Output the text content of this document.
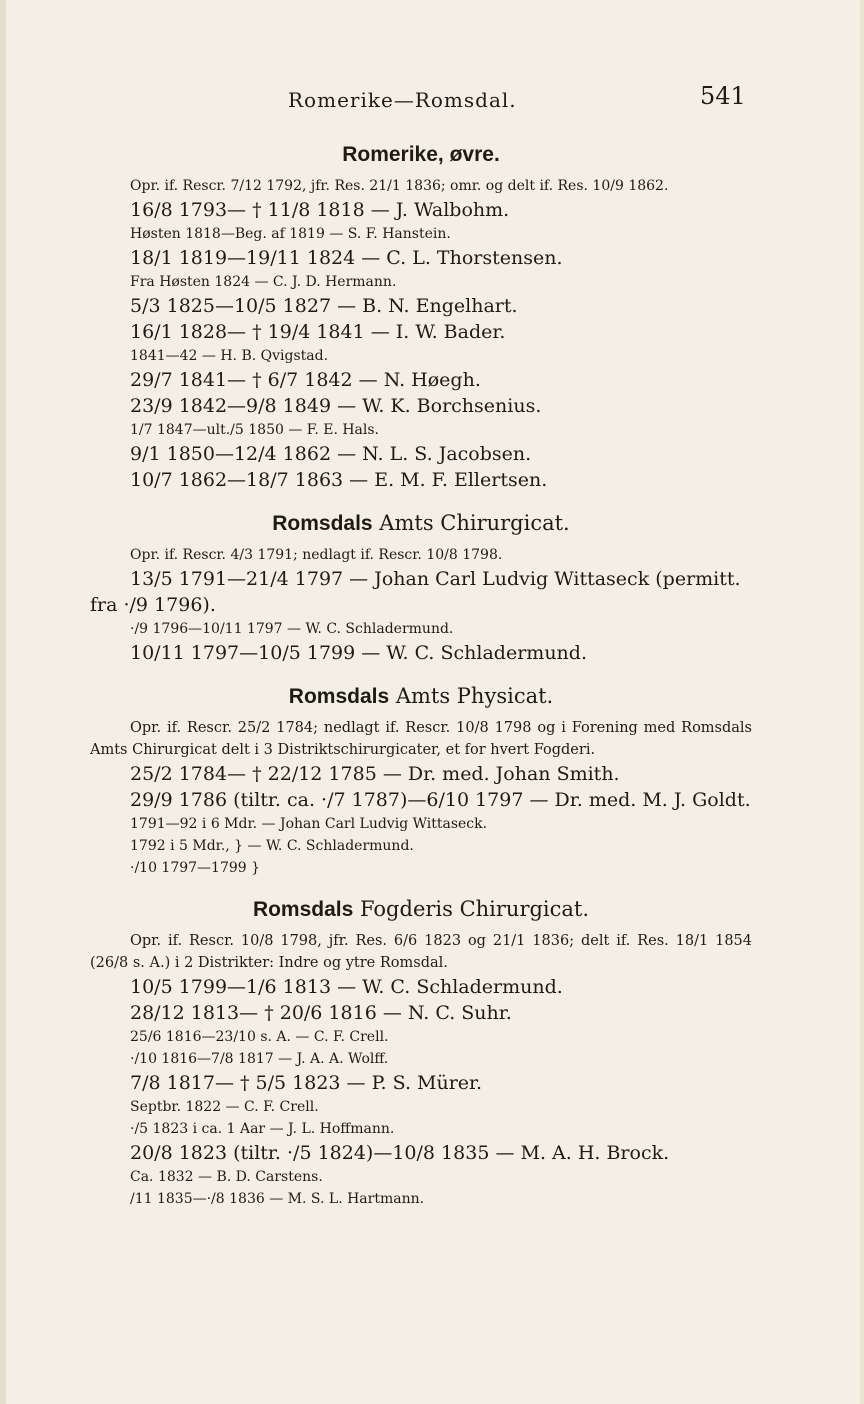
Romerike—Romsdal.	541
Romerike, øvre.
Opr. if. Rescr. 7/12 1792, jfr. Res. 21/1 1836; omr. og delt if. Res. 10/9 1862.
16/8 1793— † 11/8 1818 — J. Walbohm.
Høsten 1818—Beg. af 1819 — S. F. Hanstein.
18/1 1819—19/11 1824 — C. L. Thorstensen.
Fra Høsten 1824 — C. J. D. Hermann.
5/3 1825—10/5 1827 — B. N. Engelhart.
16/1 1828— † 19/4 1841 — I. W. Bader.
1841—42 — H. B. Qvigstad.
29/7 1841— † 6/7 1842 — N. Høegh.
23/9 1842—9/8 1849 — W. K. Borchsenius.
1/7 1847—ult./5 1850 — F. E. Hals.
9/1 1850—12/4 1862 — N. L. S. Jacobsen.
10/7 1862—18/7 1863 — E. M. F. Ellertsen.
Romsdals Amts Chirurgicat.
Opr. if. Rescr. 4/3 1791; nedlagt if. Rescr. 10/8 1798.
13/5 1791—21/4 1797 — Johan Carl Ludvig Wittaseck (permitt.
fra ·/9 1796).
·/9 1796—10/11 1797 — W. C. Schladermund.
10/11 1797—10/5 1799 — W. C. Schladermund.
Romsdals Amts Physicat.

Opr. if. Rescr. 25/2 1784; nedlagt if. Rescr. 10/8 1798 og i Forening med Romsdals Amts Chirurgicat delt i 3 Distriktschirurgicater, et for hvert Fogderi.

25/2 1784— † 22/12 1785 — Dr. med. Johan Smith.
29/9 1786 (tiltr. ca. ·/7 1787)—6/10 1797 — Dr. med. M. J. Goldt.
1791—92 i 6 Mdr. — Johan Carl Ludvig Wittaseck.
1792 i 5 Mdr., } — W. C. Schladermund.
·/10 1797—1799 }
Romsdals Fogderis Chirurgicat.

Opr. if. Rescr. 10/8 1798, jfr. Res. 6/6 1823 og 21/1 1836; delt if. Res. 18/1 1854 (26/8 s. A.) i 2 Distrikter: Indre og ytre Romsdal.

10/5 1799—1/6 1813 — W. C. Schladermund.
28/12 1813— † 20/6 1816 — N. C. Suhr.
25/6 1816—23/10 s. A. — C. F. Crell.
·/10 1816—7/8 1817 — J. A. A. Wolff.
7/8 1817— † 5/5 1823 — P. S. Mürer.
Septbr. 1822 — C. F. Crell.
·/5 1823 i ca. 1 Aar — J. L. Hoffmann.
20/8 1823 (tiltr. ·/5 1824)—10/8 1835 — M. A. H. Brock.
Ca. 1832 — B. D. Carstens.
/11 1835—·/8 1836 — M. S. L. Hartmann.
